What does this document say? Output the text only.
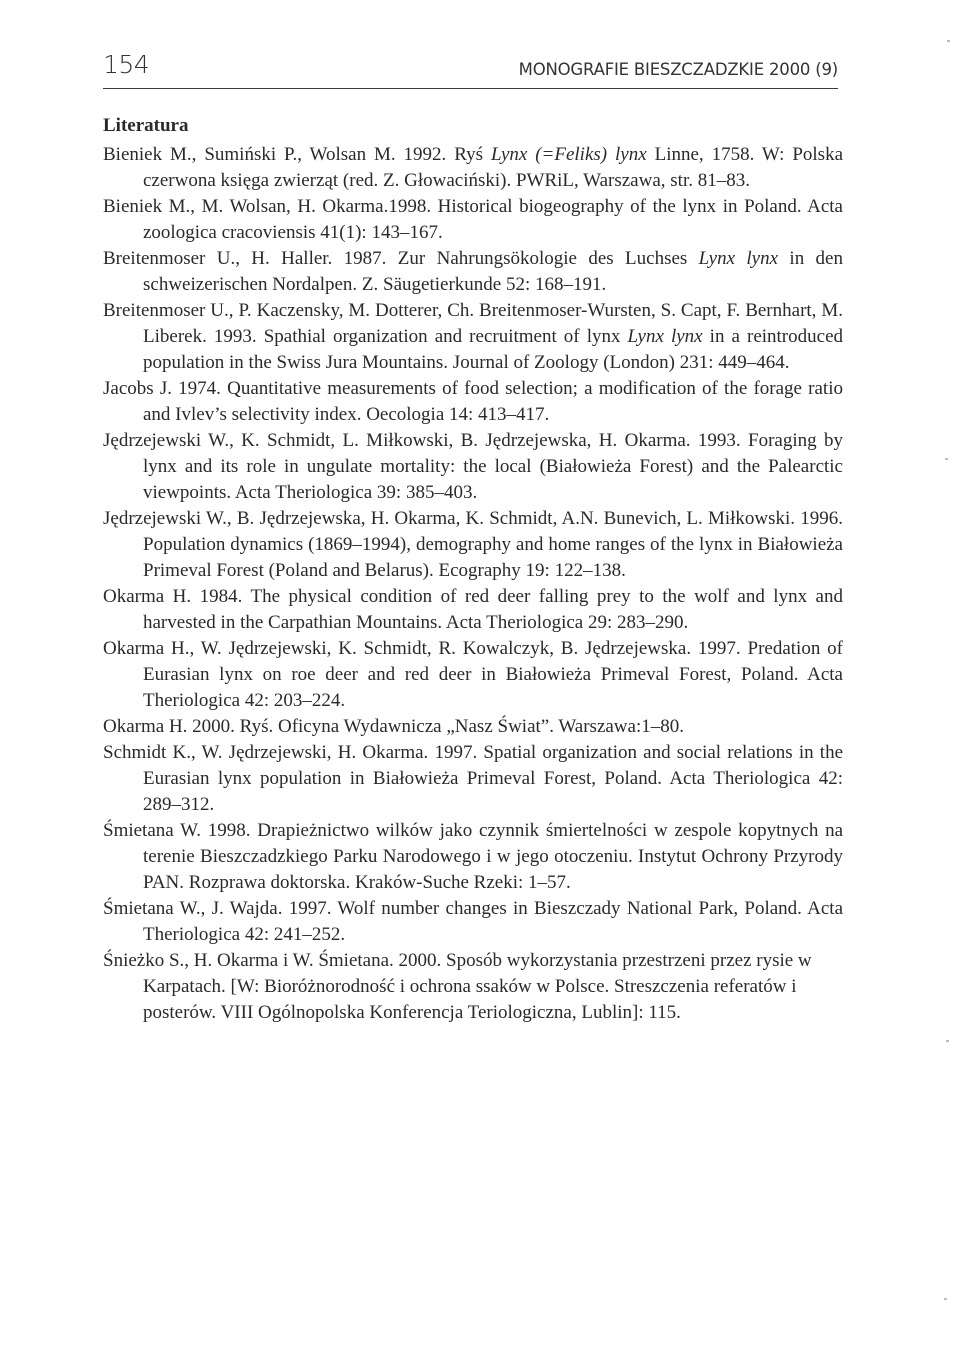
154	MONOGRAFIE BIESZCZADZKIE 2000 (9)
Literatura
Bieniek M., Sumiński P., Wolsan M. 1992. Ryś Lynx (=Feliks) lynx Linne, 1758. W: Polska czerwona księga zwierząt (red. Z. Głowaciński). PWRiL, Warszawa, str. 81–83.
Bieniek M., M. Wolsan, H. Okarma.1998. Historical biogeography of the lynx in Poland. Acta zoologica cracoviensis 41(1): 143–167.
Breitenmoser U., H. Haller. 1987. Zur Nahrungsökologie des Luchses Lynx lynx in den schweizerischen Nordalpen. Z. Säugetierkunde 52: 168–191.
Breitenmoser U., P. Kaczensky, M. Dotterer, Ch. Breitenmoser-Wursten, S. Capt, F. Bernhart, M. Liberek. 1993. Spathial organization and recruitment of lynx Lynx lynx in a reintroduced population in the Swiss Jura Mountains. Journal of Zoology (London) 231: 449–464.
Jacobs J. 1974. Quantitative measurements of food selection; a modification of the forage ratio and Ivlev’s selectivity index. Oecologia 14: 413–417.
Jędrzejewski W., K. Schmidt, L. Miłkowski, B. Jędrzejewska, H. Okarma. 1993. Foraging by lynx and its role in ungulate mortality: the local (Białowieża Forest) and the Palearctic viewpoints. Acta Theriologica 39: 385–403.
Jędrzejewski W., B. Jędrzejewska, H. Okarma, K. Schmidt, A.N. Bunevich, L. Miłkowski. 1996. Population dynamics (1869–1994), demography and home ranges of the lynx in Białowieża Primeval Forest (Poland and Belarus). Ecography 19: 122–138.
Okarma H. 1984. The physical condition of red deer falling prey to the wolf and lynx and harvested in the Carpathian Mountains. Acta Theriologica 29: 283–290.
Okarma H., W. Jędrzejewski, K. Schmidt, R. Kowalczyk, B. Jędrzejewska. 1997. Predation of Eurasian lynx on roe deer and red deer in Białowieża Primeval Forest, Poland. Acta Theriologica 42: 203–224.
Okarma H. 2000. Ryś. Oficyna Wydawnicza „Nasz Świat”. Warszawa:1–80.
Schmidt K., W. Jędrzejewski, H. Okarma. 1997. Spatial organization and social relations in the Eurasian lynx population in Białowieża Primeval Forest, Poland. Acta Theriologica 42: 289–312.
Śmietana W. 1998. Drapieżnictwo wilków jako czynnik śmiertelności w zespole kopytnych na terenie Bieszczadzkiego Parku Narodowego i w jego otoczeniu. Instytut Ochrony Przyrody PAN. Rozprawa doktorska. Kraków-Suche Rzeki: 1–57.
Śmietana W., J. Wajda. 1997. Wolf number changes in Bieszczady National Park, Poland. Acta Theriologica 42: 241–252.
Śnieżko S., H. Okarma i W. Śmietana. 2000. Sposób wykorzystania przestrzeni przez rysie w Karpatach. [W: Bioróżnorodność i ochrona ssaków w Polsce. Streszczenia referatów i posterów. VIII Ogólnopolska Konferencja Teriologiczna, Lublin]: 115.
